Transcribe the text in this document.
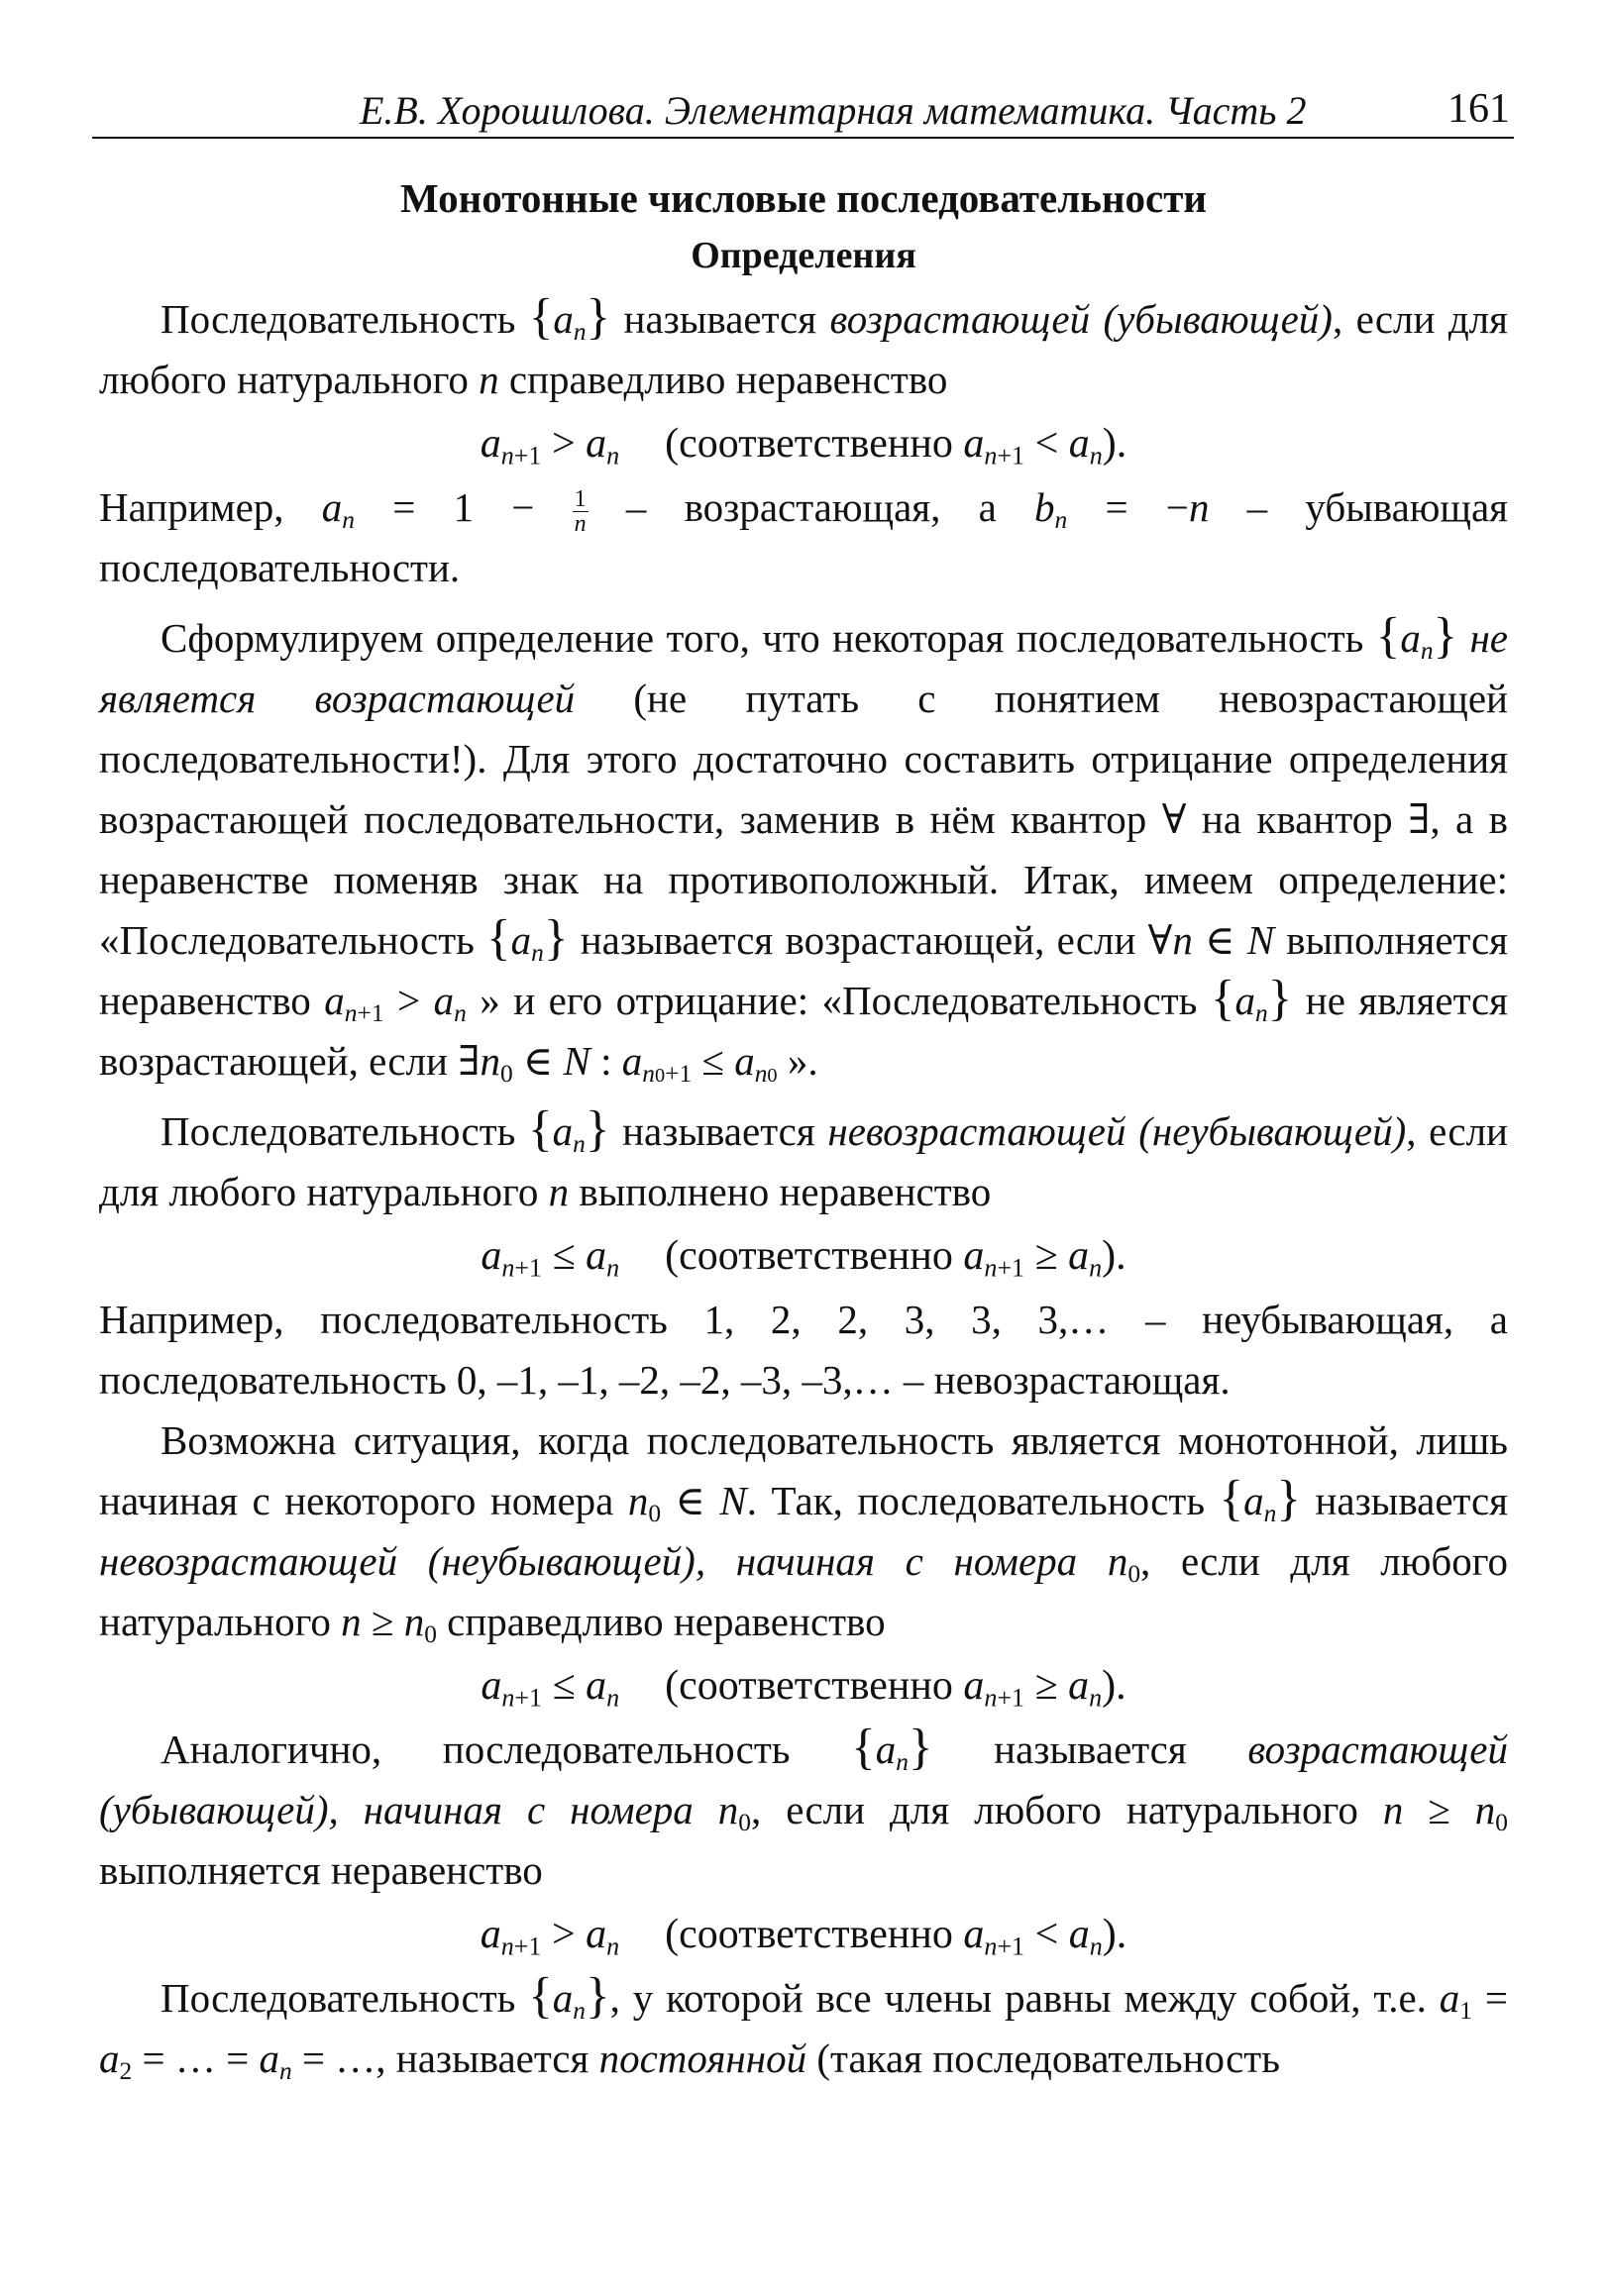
Е.В. Хорошилова. Элементарная математика. Часть 2	161
Монотонные числовые последовательности
Определения

Последовательность $\{a_n\}$ называется возрастающей (убывающей), если для любого натурального n справедливо неравенство

$a_{n+1} > a_n$ (соответственно $a_{n+1} < a_n$).

Например, $a_n = 1 - \frac{1}{n}$ – возрастающая, а $b_n = -n$ – убывающая последовательности.

Сформулируем определение того, что некоторая последовательность $\{a_n\}$ не является возрастающей (не путать с понятием невозрастающей последовательности!). Для этого достаточно составить отрицание определения возрастающей последовательности, заменив в нём квантор ∀ на квантор ∃, а в неравенстве поменяв знак на противоположный. Итак, имеем определение: «Последовательность $\{a_n\}$ называется возрастающей, если ∀n ∈ N выполняется неравенство $a_{n+1} > a_n$ » и его отрицание: «Последовательность $\{a_n\}$ не является возрастающей, если $\exists n_0$ ∈ N : $a_{n0+1} \le a_{n0}$ ».

Последовательность $\{a_n\}$ называется невозрастающей (неубывающей), если для любого натурального n выполнено неравенство

$a_{n+1} \le a_n$ (соответственно $a_{n+1} \ge a_n$).

Например, последовательность 1, 2, 2, 3, 3, 3,… – неубывающая, а последовательность 0, –1, –1, –2, –2, –3, –3,… – невозрастающая.

Возможна ситуация, когда последовательность является монотонной, лишь начиная с некоторого номера $n_0$ ∈ N. Так, последовательность $\{a_n\}$ называется невозрастающей (неубывающей), начиная с номера $n_0$, если для любого натурального $n \ge n_0$ справедливо неравенство

$a_{n+1} \le a_n$ (соответственно $a_{n+1} \ge a_n$).

Аналогично, последовательность $\{a_n\}$ называется возрастающей (убывающей), начиная с номера $n_0$, если для любого натурального $n \ge n_0$ выполняется неравенство

$a_{n+1} > a_n$ (соответственно $a_{n+1} < a_n$).

Последовательность $\{a_n\}$, у которой все члены равны между собой, т.е. $a_1 = a_2$ = … = $a_n$ = …, называется постоянной (такая последовательность
